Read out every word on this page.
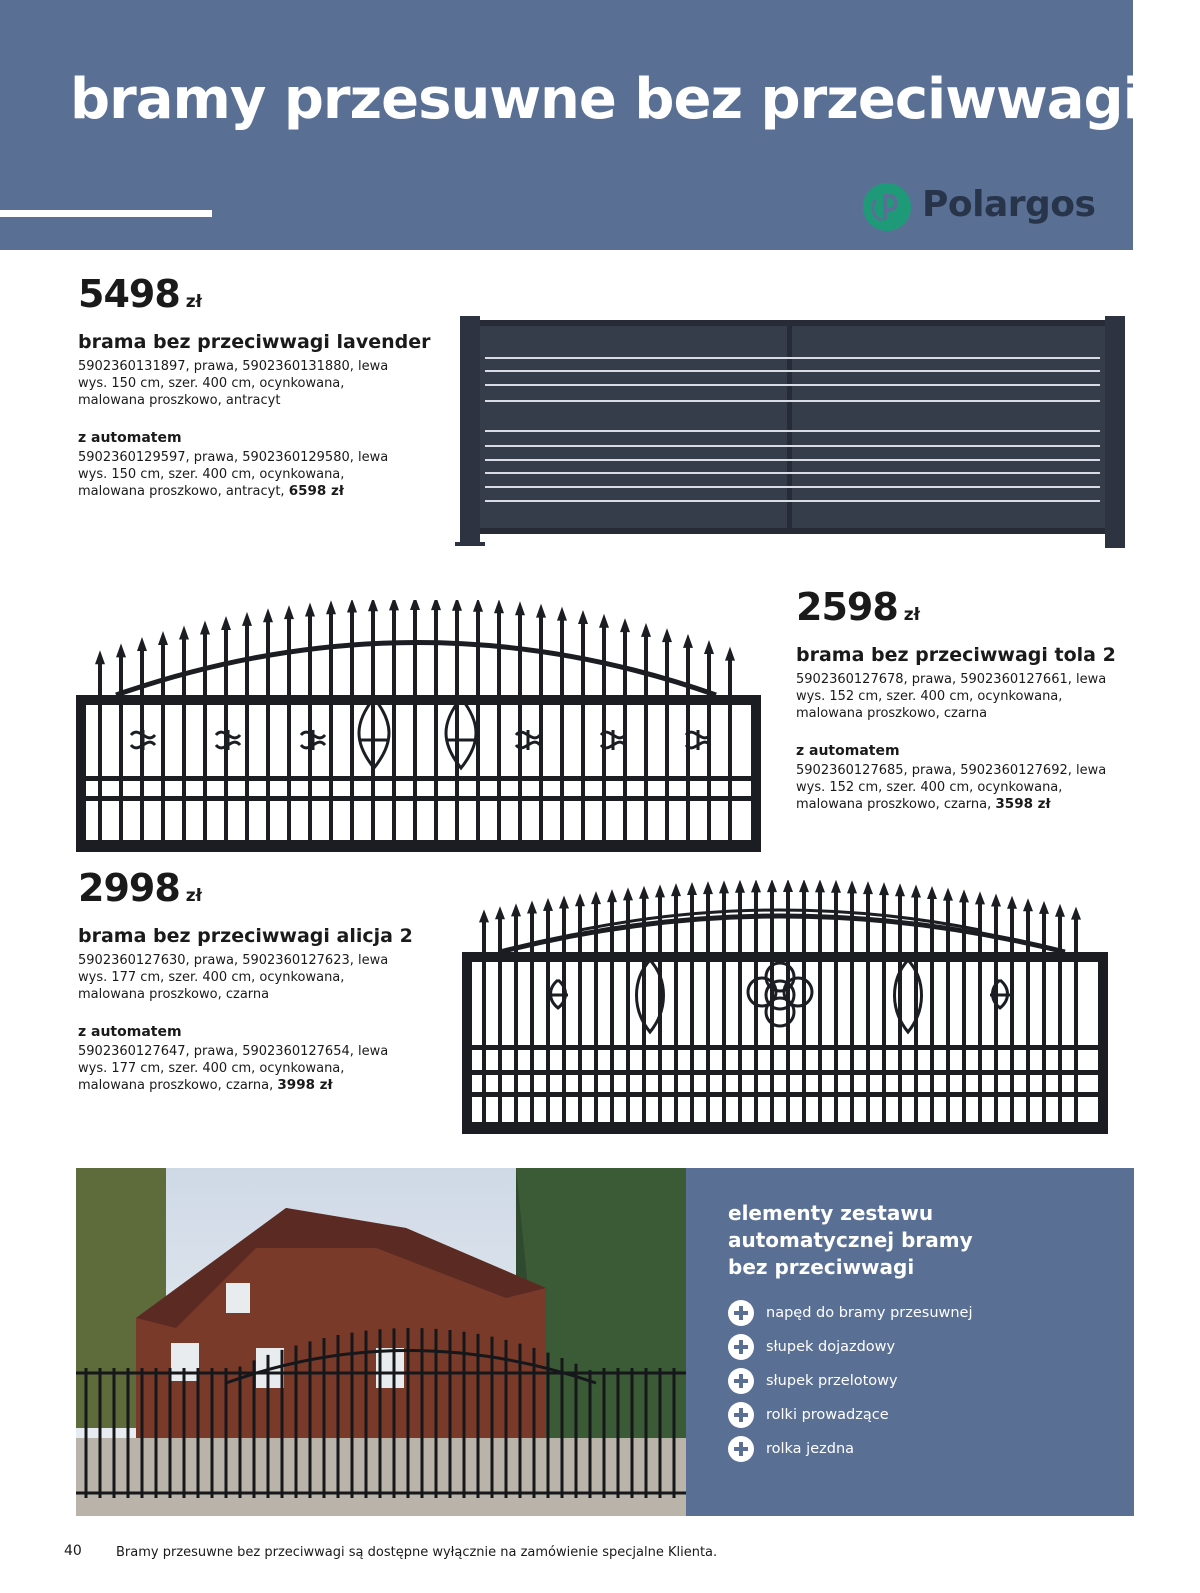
bramy przesuwne bez przeciwwagi
Polargos
5498 zł
brama bez przeciwwagi lavender
5902360131897, prawa, 5902360131880, lewa
wys. 150 cm, szer. 400 cm, ocynkowana,
malowana proszkowo, antracyt
z automatem
5902360129597, prawa, 5902360129580, lewa
wys. 150 cm, szer. 400 cm, ocynkowana,
malowana proszkowo, antracyt, 6598 zł
2598 zł
brama bez przeciwwagi tola 2
5902360127678, prawa, 5902360127661, lewa
wys. 152 cm, szer. 400 cm, ocynkowana,
malowana proszkowo, czarna
z automatem
5902360127685, prawa, 5902360127692, lewa
wys. 152 cm, szer. 400 cm, ocynkowana,
malowana proszkowo, czarna, 3598 zł
2998 zł
brama bez przeciwwagi alicja 2
5902360127630, prawa, 5902360127623, lewa
wys. 177 cm, szer. 400 cm, ocynkowana,
malowana proszkowo, czarna
z automatem
5902360127647, prawa, 5902360127654, lewa
wys. 177 cm, szer. 400 cm, ocynkowana,
malowana proszkowo, czarna, 3998 zł
elementy zestawu
automatycznej bramy
bez przeciwwagi
napęd do bramy przesuwnej
słupek dojazdowy
słupek przelotowy
rolki prowadzące
rolka jezdna
40	Bramy przesuwne bez przeciwwagi są dostępne wyłącznie na zamówienie specjalne Klienta.
